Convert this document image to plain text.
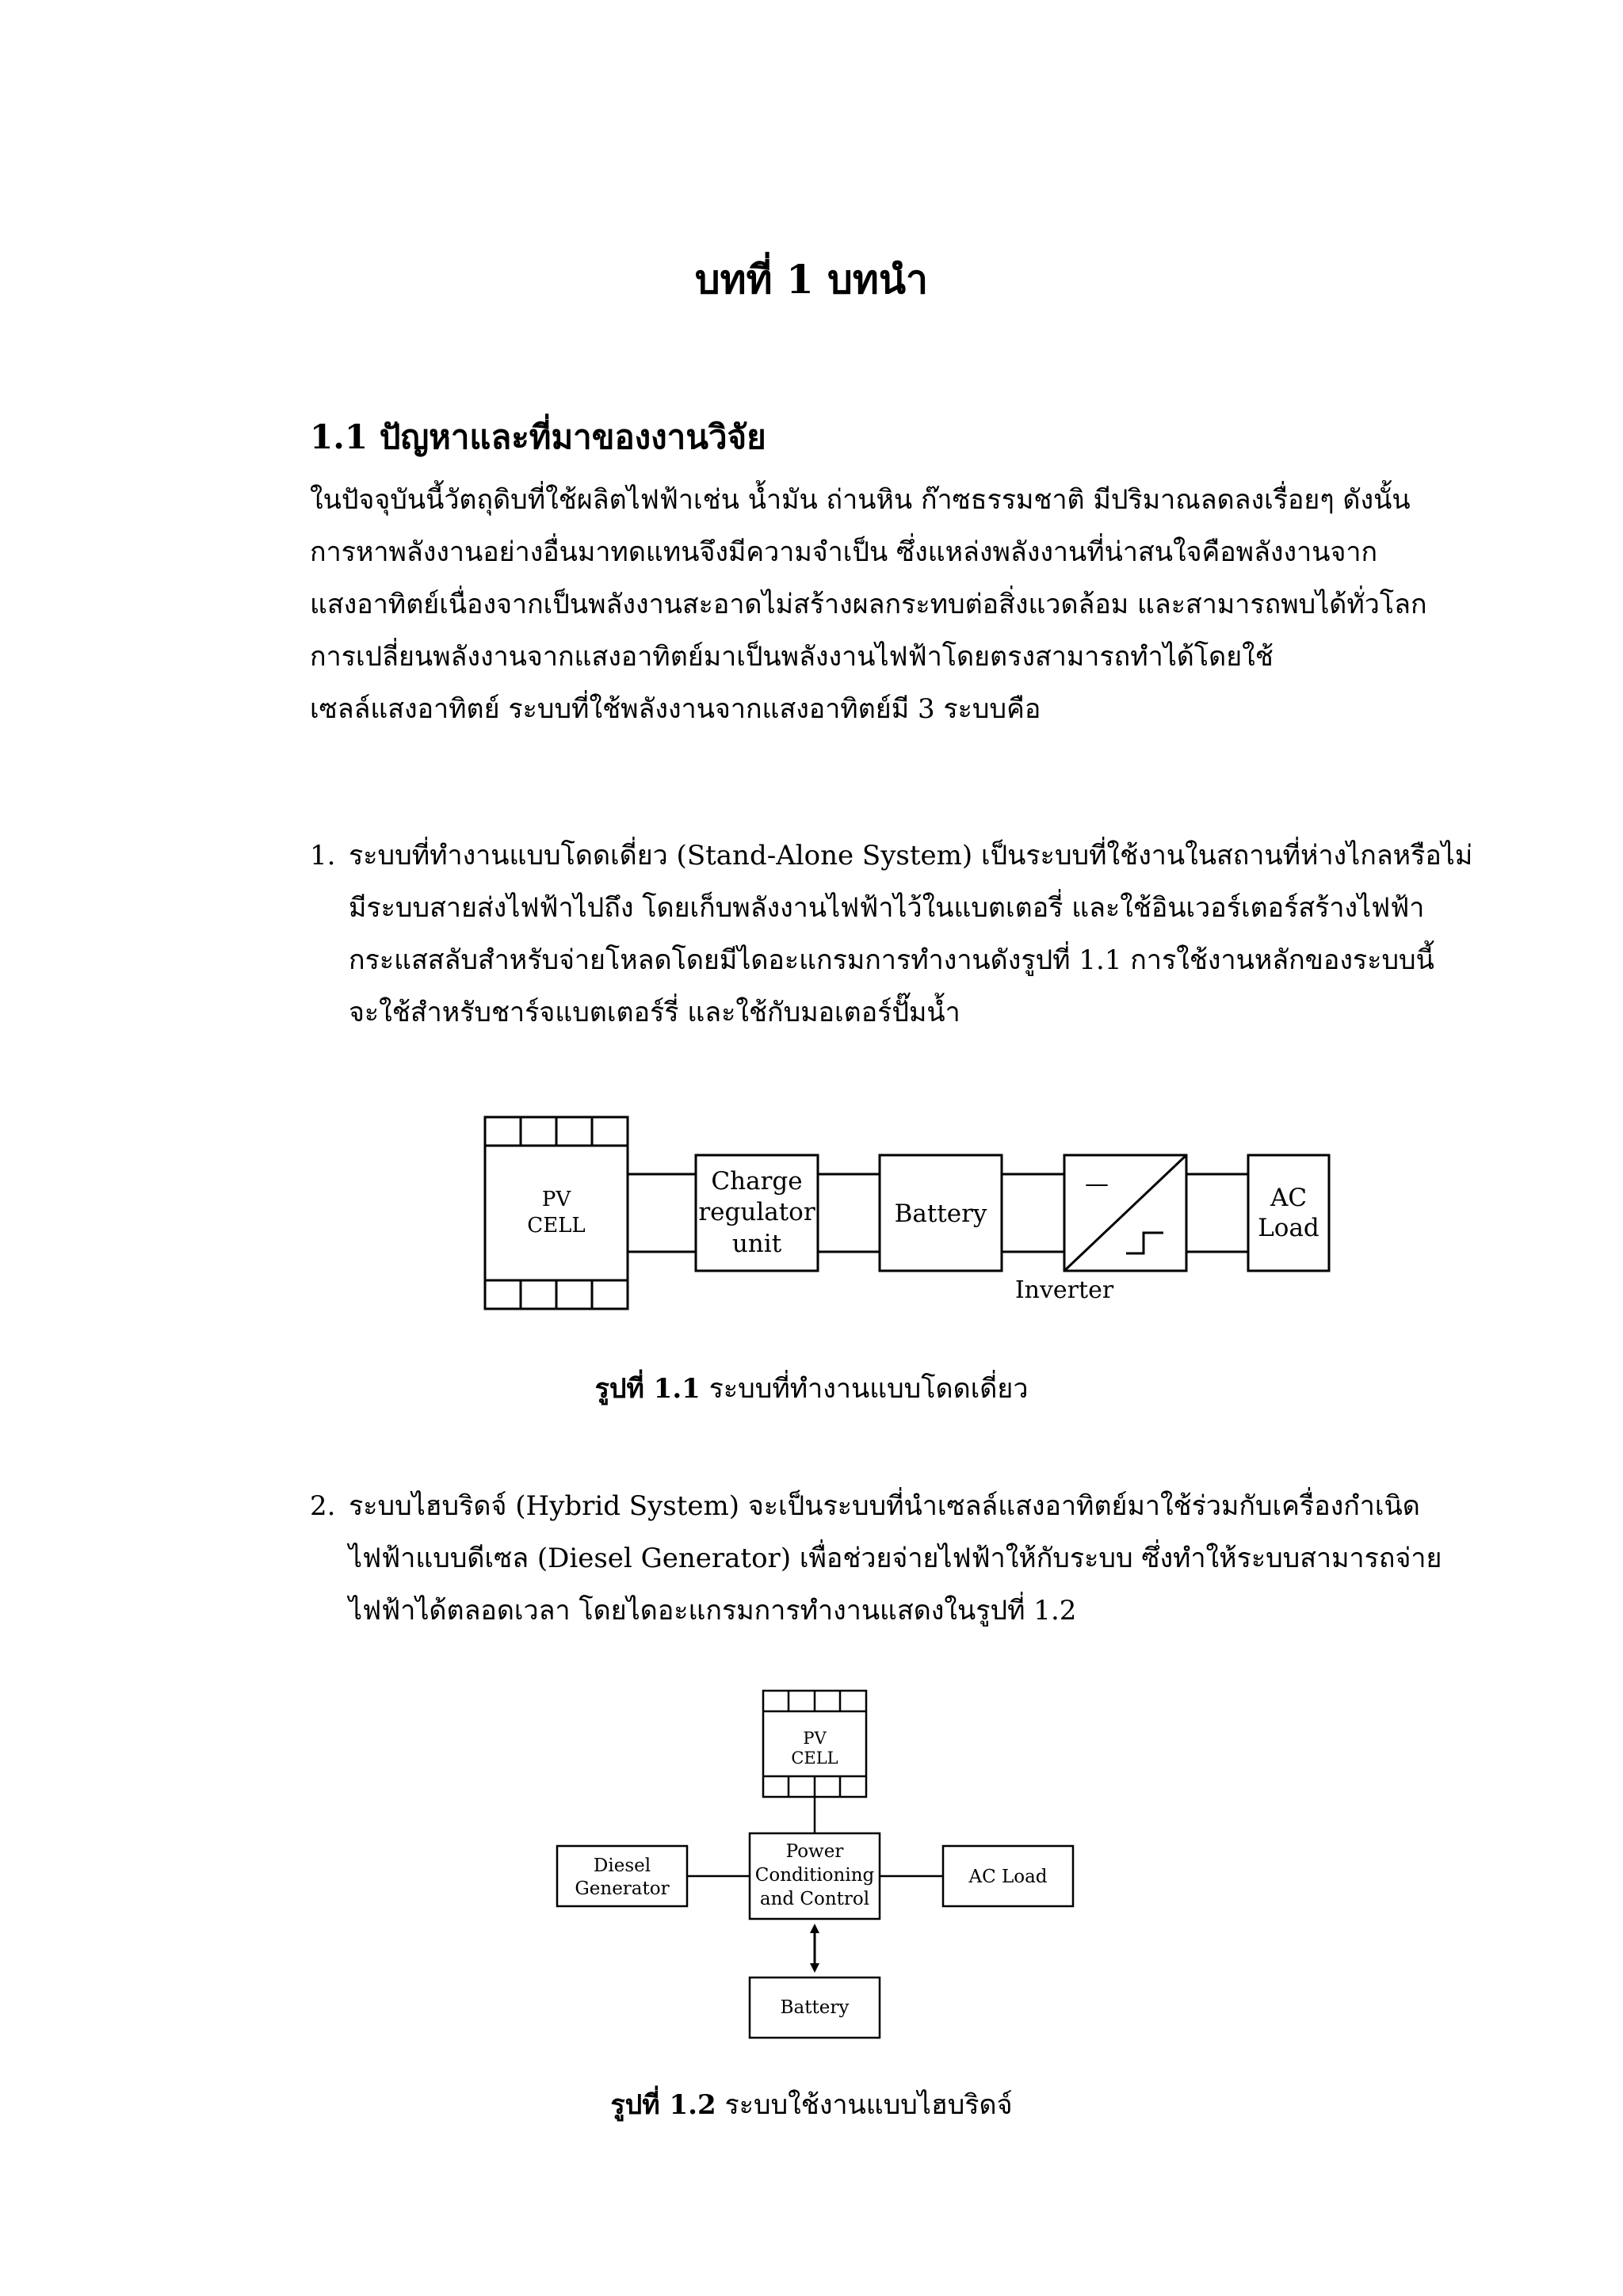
บทที่ 1 บทนำ
1.1 ปัญหาและที่มาของงานวิจัย

ในปัจจุบันนี้วัตถุดิบที่ใช้ผลิตไฟฟ้าเช่น น้ำมัน ถ่านหิน ก๊าซธรรมชาติ มีปริมาณลดลงเรื่อยๆ ดังนั้น
การหาพลังงานอย่างอื่นมาทดแทนจึงมีความจำเป็น ซึ่งแหล่งพลังงานที่น่าสนใจคือพลังงานจาก
แสงอาทิตย์เนื่องจากเป็นพลังงานสะอาดไม่สร้างผลกระทบต่อสิ่งแวดล้อม และสามารถพบได้ทั่วโลก
การเปลี่ยนพลังงานจากแสงอาทิตย์มาเป็นพลังงานไฟฟ้าโดยตรงสามารถทำได้โดยใช้
เซลล์แสงอาทิตย์ ระบบที่ใช้พลังงานจากแสงอาทิตย์มี 3 ระบบคือ

1. ระบบที่ทำงานแบบโดดเดี่ยว (Stand-Alone System) เป็นระบบที่ใช้งานในสถานที่ห่างไกลหรือไม่
มีระบบสายส่งไฟฟ้าไปถึง โดยเก็บพลังงานไฟฟ้าไว้ในแบตเตอรี่ และใช้อินเวอร์เตอร์สร้างไฟฟ้า
กระแสสลับสำหรับจ่ายโหลดโดยมีไดอะแกรมการทำงานดังรูปที่ 1.1 การใช้งานหลักของระบบนี้
จะใช้สำหรับชาร์จแบตเตอร์รี่ และใช้กับมอเตอร์ปั๊มน้ำ
PV
CELL
Charge
regulator
unit
Battery
—
Inverter
AC
Load

รูปที่ 1.1 ระบบที่ทำงานแบบโดดเดี่ยว

2. ระบบไฮบริดจ์ (Hybrid System) จะเป็นระบบที่นำเซลล์แสงอาทิตย์มาใช้ร่วมกับเครื่องกำเนิด
ไฟฟ้าแบบดีเซล (Diesel Generator) เพื่อช่วยจ่ายไฟฟ้าให้กับระบบ ซึ่งทำให้ระบบสามารถจ่าย
ไฟฟ้าได้ตลอดเวลา โดยไดอะแกรมการทำงานแสดงในรูปที่ 1.2
PV
CELL
Diesel
Generator
Power
Conditioning
and Control
AC Load
Battery

รูปที่ 1.2 ระบบใช้งานแบบไฮบริดจ์
